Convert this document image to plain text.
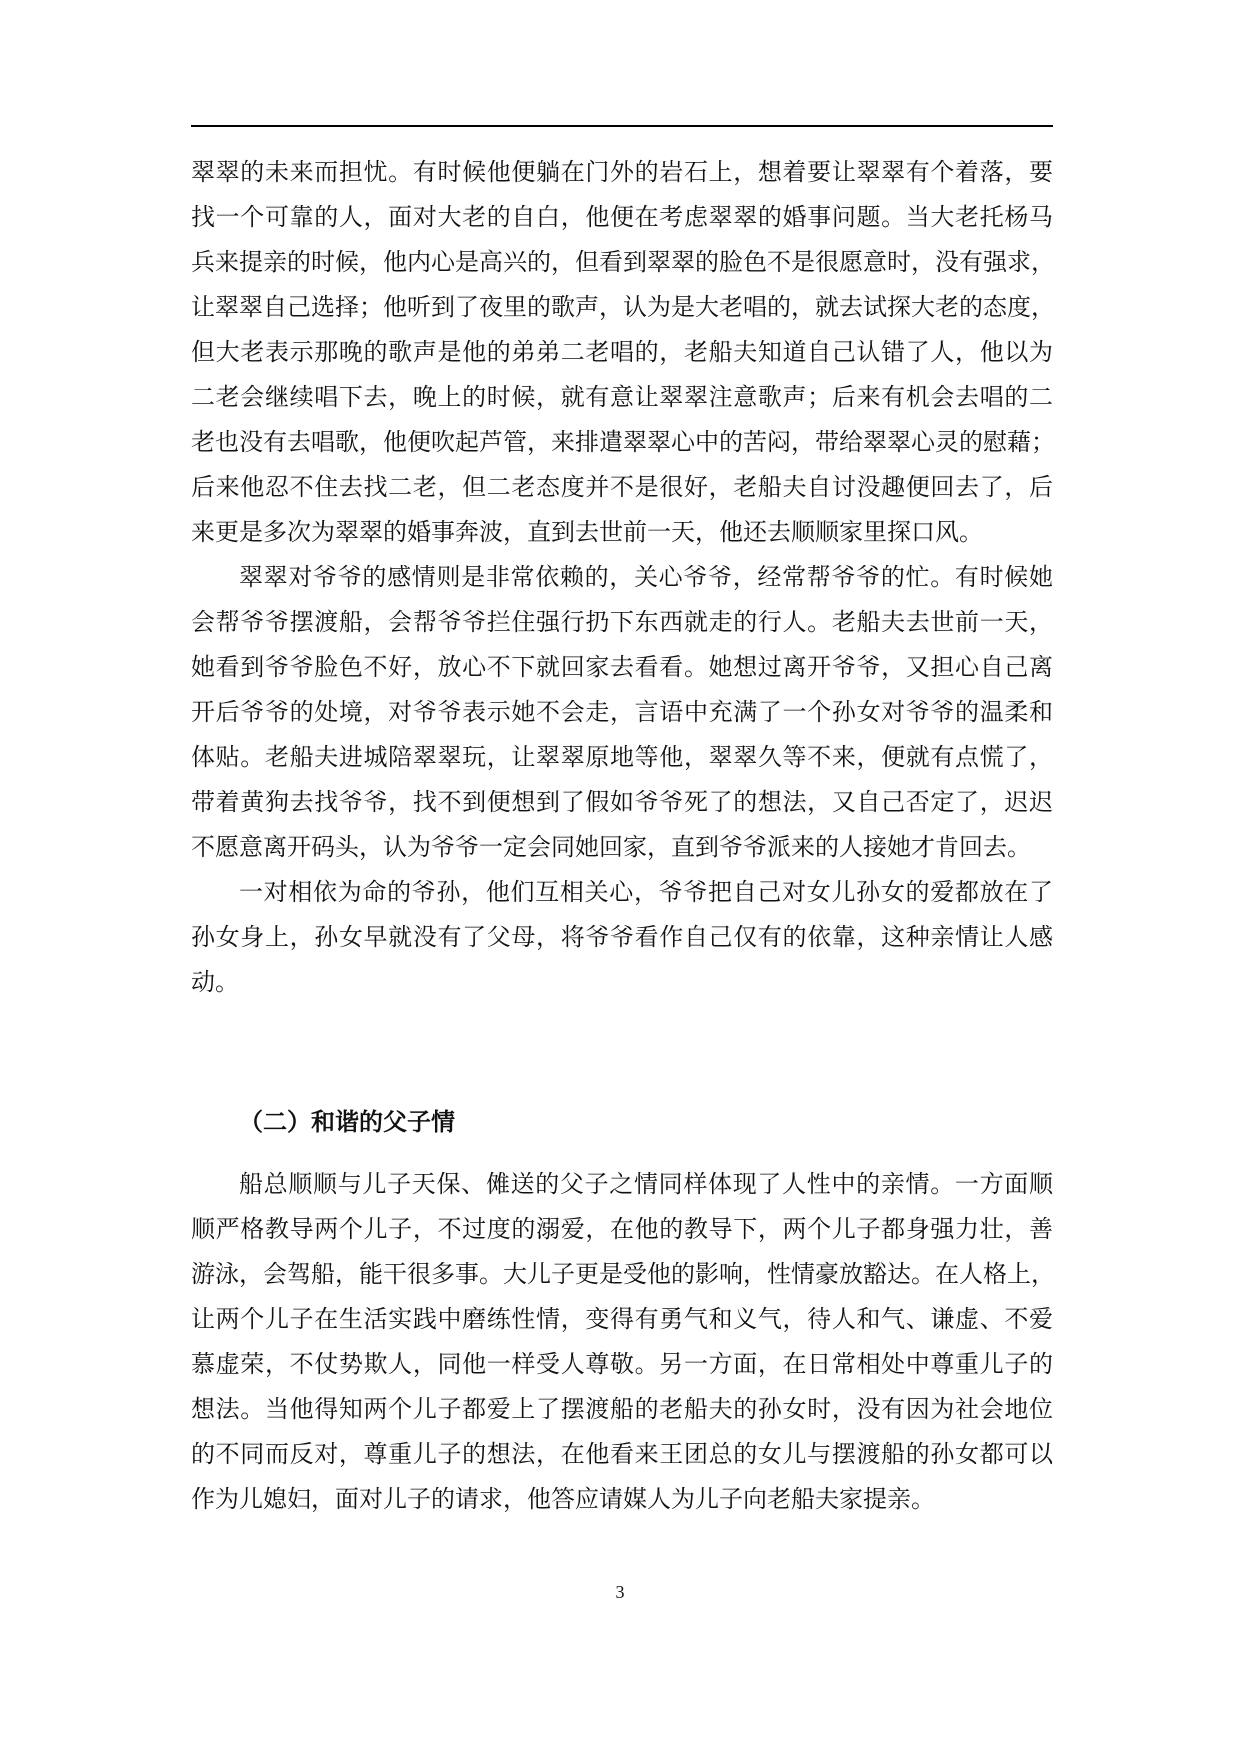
翠翠的未来而担忧。有时候他便躺在门外的岩石上，想着要让翠翠有个着落，要
找一个可靠的人，面对大老的自白，他便在考虑翠翠的婚事问题。当大老托杨马
兵来提亲的时候，他内心是高兴的，但看到翠翠的脸色不是很愿意时，没有强求，
让翠翠自己选择；他听到了夜里的歌声，认为是大老唱的，就去试探大老的态度，
但大老表示那晚的歌声是他的弟弟二老唱的，老船夫知道自己认错了人，他以为
二老会继续唱下去，晚上的时候，就有意让翠翠注意歌声；后来有机会去唱的二
老也没有去唱歌，他便吹起芦管，来排遣翠翠心中的苦闷，带给翠翠心灵的慰藉；
后来他忍不住去找二老，但二老态度并不是很好，老船夫自讨没趣便回去了，后
来更是多次为翠翠的婚事奔波，直到去世前一天，他还去顺顺家里探口风。
翠翠对爷爷的感情则是非常依赖的，关心爷爷，经常帮爷爷的忙。有时候她
会帮爷爷摆渡船，会帮爷爷拦住强行扔下东西就走的行人。老船夫去世前一天，
她看到爷爷脸色不好，放心不下就回家去看看。她想过离开爷爷，又担心自己离
开后爷爷的处境，对爷爷表示她不会走，言语中充满了一个孙女对爷爷的温柔和
体贴。老船夫进城陪翠翠玩，让翠翠原地等他，翠翠久等不来，便就有点慌了，
带着黄狗去找爷爷，找不到便想到了假如爷爷死了的想法，又自己否定了，迟迟
不愿意离开码头，认为爷爷一定会同她回家，直到爷爷派来的人接她才肯回去。
一对相依为命的爷孙，他们互相关心，爷爷把自己对女儿孙女的爱都放在了
孙女身上，孙女早就没有了父母，将爷爷看作自己仅有的依靠，这种亲情让人感
动。
（二）和谐的父子情
船总顺顺与儿子天保、傩送的父子之情同样体现了人性中的亲情。一方面顺
顺严格教导两个儿子，不过度的溺爱，在他的教导下，两个儿子都身强力壮，善
游泳，会驾船，能干很多事。大儿子更是受他的影响，性情豪放豁达。在人格上，
让两个儿子在生活实践中磨练性情，变得有勇气和义气，待人和气、谦虚、不爱
慕虚荣，不仗势欺人，同他一样受人尊敬。另一方面，在日常相处中尊重儿子的
想法。当他得知两个儿子都爱上了摆渡船的老船夫的孙女时，没有因为社会地位
的不同而反对，尊重儿子的想法，在他看来王团总的女儿与摆渡船的孙女都可以
作为儿媳妇，面对儿子的请求，他答应请媒人为儿子向老船夫家提亲。
3
